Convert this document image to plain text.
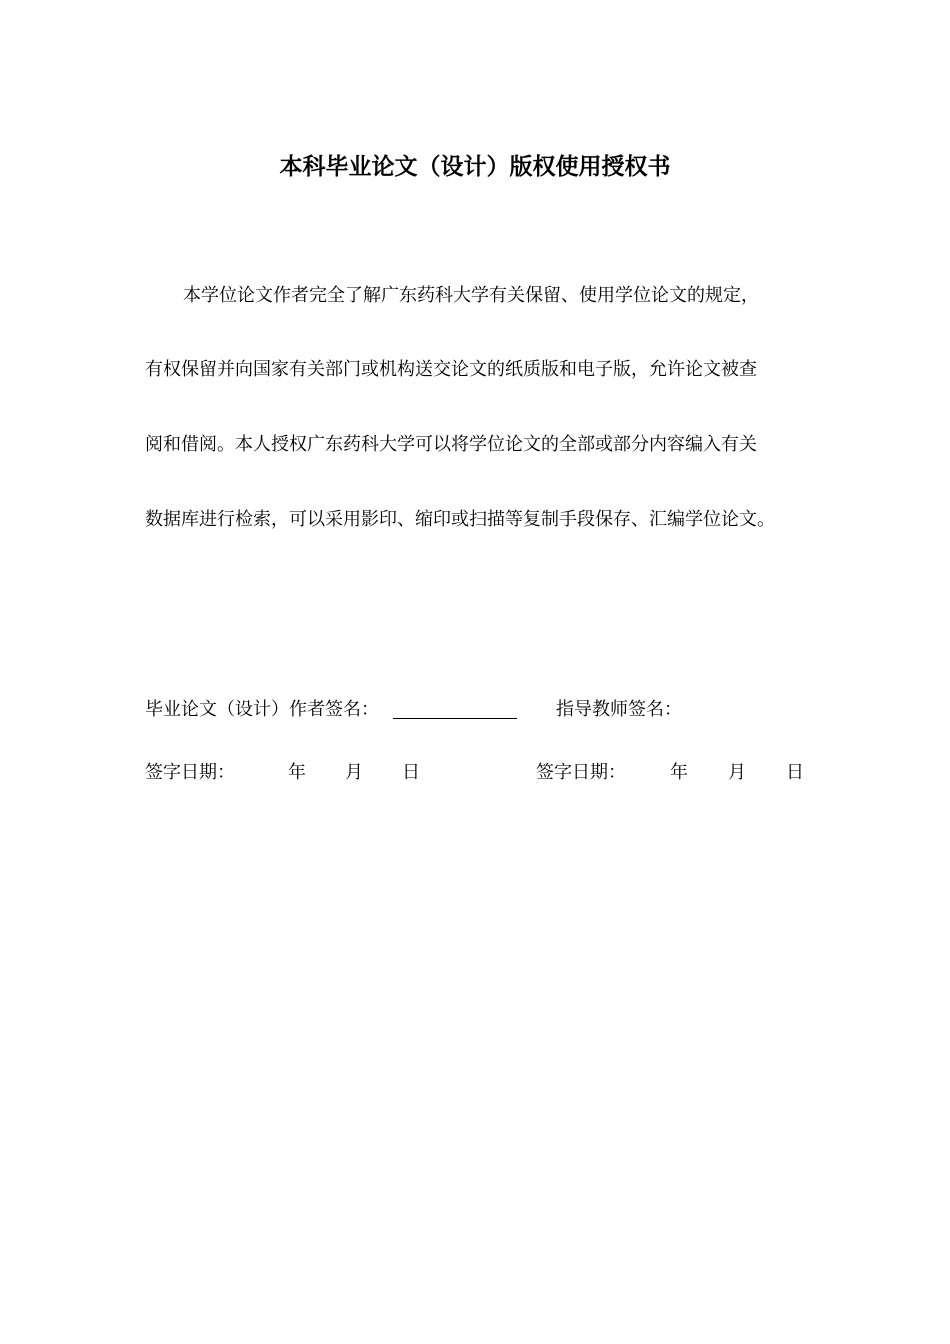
本科毕业论文（设计）版权使用授权书
本学位论文作者完全了解广东药科大学有关保留、使用学位论文的规定，
有权保留并向国家有关部门或机构送交论文的纸质版和电子版，允许论文被查
阅和借阅。本人授权广东药科大学可以将学位论文的全部或部分内容编入有关
数据库进行检索，可以采用影印、缩印或扫描等复制手段保存、汇编学位论文。
毕业论文（设计）作者签名：	指导教师签名：
签字日期：	年 月 日	签字日期： 年 月 日
